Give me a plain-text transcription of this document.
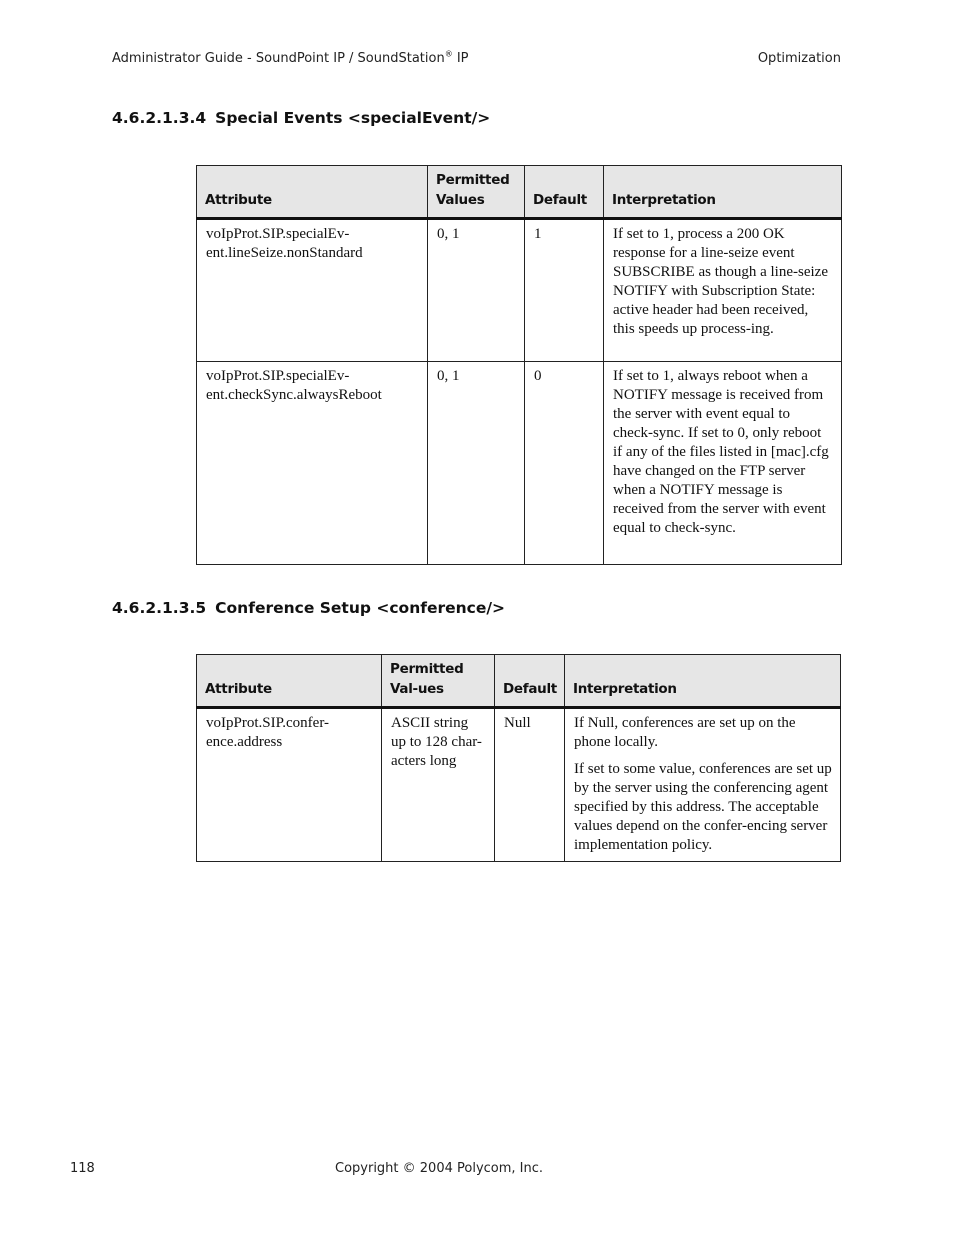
Administrator Guide - SoundPoint IP / SoundStation® IP	Optimization
4.6.2.1.3.4 Special Events <specialEvent/>
Attribute	Permitted Values	Default	Interpretation
voIpProt.SIP.specialEv-ent.lineSeize.nonStandard	0, 1	1	If set to 1, process a 200 OK response for a line-seize event SUBSCRIBE as though a line-seize NOTIFY with Subscription State: active header had been received, this speeds up process-ing.
voIpProt.SIP.specialEv-ent.checkSync.alwaysReboot	0, 1	0	If set to 1, always reboot when a NOTIFY message is received from the server with event equal to check-sync. If set to 0, only reboot if any of the files listed in [mac].cfg have changed on the FTP server when a NOTIFY message is received from the server with event equal to check-sync.
4.6.2.1.3.5 Conference Setup <conference/>
Attribute	Permitted Val-ues	Default	Interpretation
voIpProt.SIP.confer-ence.address	ASCII string up to 128 char-acters long	Null	If Null, conferences are set up on the phone locally.

If set to some value, conferences are set up by the server using the conferencing agent specified by this address. The acceptable values depend on the confer-encing server implementation policy.

118	Copyright © 2004 Polycom, Inc.
